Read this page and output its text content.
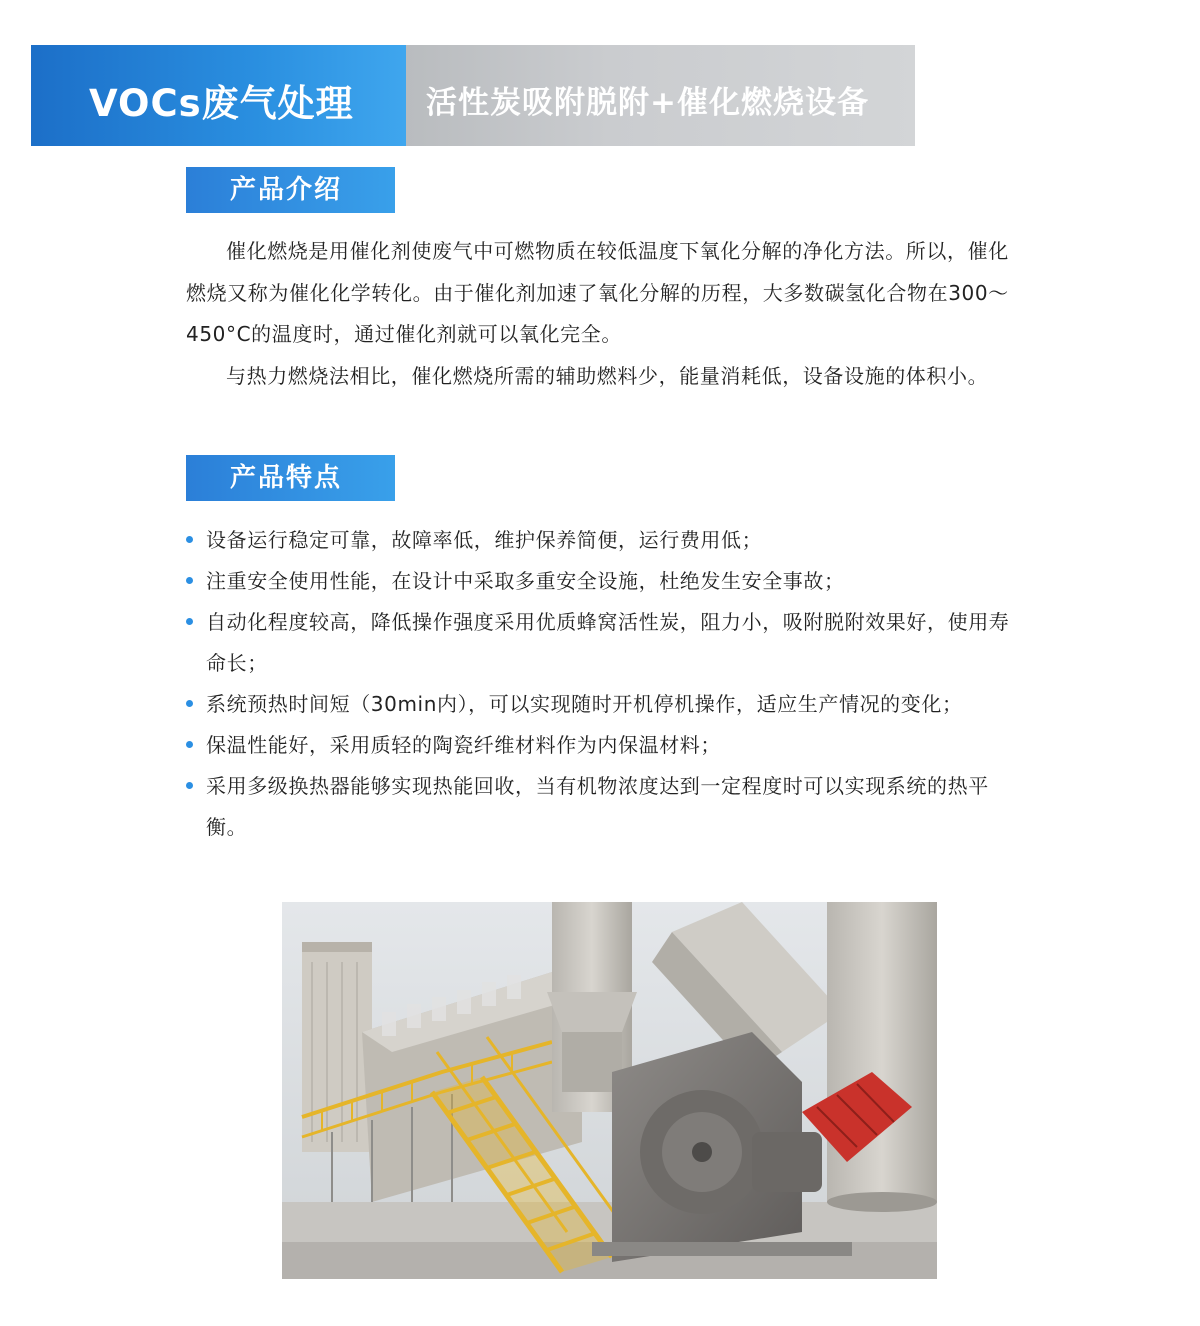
VOCs废气处理 活性炭吸附脱附+催化燃烧设备
产品介绍

催化燃烧是用催化剂使废气中可燃物质在较低温度下氧化分解的净化方法。所以，催化燃烧又称为催化化学转化。由于催化剂加速了氧化分解的历程，大多数碳氢化合物在300～450°C的温度时，通过催化剂就可以氧化完全。

与热力燃烧法相比，催化燃烧所需的辅助燃料少，能量消耗低，设备设施的体积小。

产品特点
设备运行稳定可靠，故障率低，维护保养简便，运行费用低；
注重安全使用性能，在设计中采取多重安全设施，杜绝发生安全事故；
自动化程度较高，降低操作强度采用优质蜂窝活性炭，阻力小，吸附脱附效果好，使用寿命长；
系统预热时间短（30min内），可以实现随时开机停机操作，适应生产情况的变化；
保温性能好，采用质轻的陶瓷纤维材料作为内保温材料；
采用多级换热器能够实现热能回收，当有机物浓度达到一定程度时可以实现系统的热平衡。
